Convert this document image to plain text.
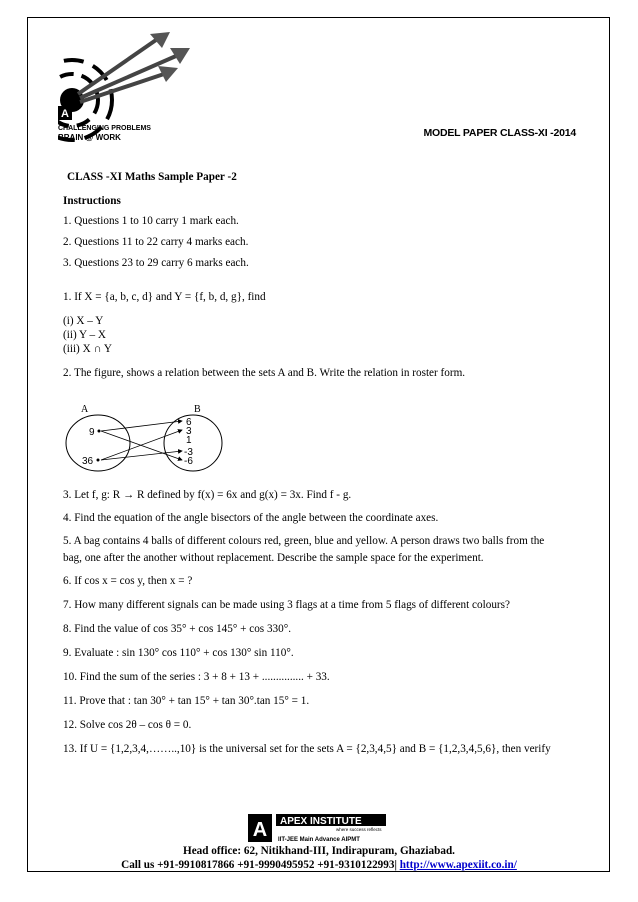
A
CHALLENGING PROBLEMS
BRAIN @ WORK	MODEL PAPER CLASS-XI -2014

CLASS -XI Maths Sample Paper -2

Instructions

1. Questions 1 to 10 carry 1 mark each.

2. Questions 11 to 22 carry 4 marks each.

3. Questions 23 to 29 carry 6 marks each.

1. If X = {a, b, c, d} and Y = {f, b, d, g}, find

(i) X – Y

(ii) Y – X

(iii) X ∩ Y

2. The figure, shows a relation between the sets A and B. Write the relation in roster form.

3. Let f, g: R → R defined by f(x) = 6x and g(x) = 3x. Find f - g.

4. Find the equation of the angle bisectors of the angle between the coordinate axes.

5. A bag contains 4 balls of different colours red, green, blue and yellow. A person draws two balls from the

bag, one after the another without replacement. Describe the sample space for the experiment.

6. If cos x = cos y, then x = ?

7. How many different signals can be made using 3 flags at a time from 5 flags of different colours?

8. Find the value of cos 35° + cos 145° + cos 330°.

9. Evaluate : sin 130° cos 110° + cos 130° sin 110°.

10. Find the sum of the series : 3 + 8 + 13 + ............... + 33.

11. Prove that : tan 30° + tan 15° + tan 30°.tan 15° = 1.

12. Solve cos 2θ – cos θ = 0.

13. If U = {1,2,3,4,……..,10} is the universal set for the sets A = {2,3,4,5} and B = {1,2,3,4,5,6}, then verify

A	B
9
36
6
3
1
-3
-6
A APEX INSTITUTE
where success reflects
IIT-JEE Main Advance AIPMT
Head office: 62, Nitikhand-III, Indirapuram, Ghaziabad.
Call us +91-9910817866 +91-9990495952 +91-9310122993| http://www.apexiit.co.in/
